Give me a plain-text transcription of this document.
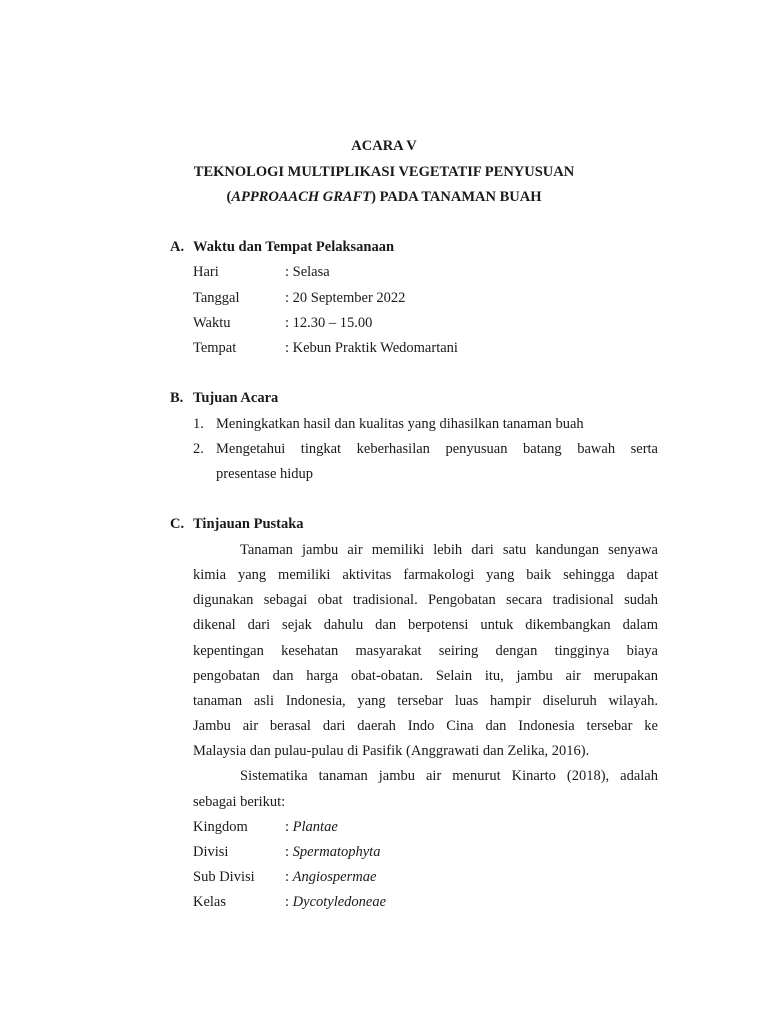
ACARA V
TEKNOLOGI MULTIPLIKASI VEGETATIF PENYUSUAN
(APPROAACH GRAFT) PADA TANAMAN BUAH
A. Waktu dan Tempat Pelaksanaan
Hari	: Selasa
Tanggal	: 20 September 2022
Waktu	: 12.30 – 15.00
Tempat	: Kebun Praktik Wedomartani
B. Tujuan Acara
1. Meningkatkan hasil dan kualitas yang dihasilkan tanaman buah
2. Mengetahui tingkat keberhasilan penyusuan batang bawah serta
presentase hidup
C. Tinjauan Pustaka
Tanaman jambu air memiliki lebih dari satu kandungan senyawa
kimia yang memiliki aktivitas farmakologi yang baik sehingga dapat
digunakan sebagai obat tradisional. Pengobatan secara tradisional sudah
dikenal dari sejak dahulu dan berpotensi untuk dikembangkan dalam
kepentingan kesehatan masyarakat seiring dengan tingginya biaya
pengobatan dan harga obat-obatan. Selain itu, jambu air merupakan
tanaman asli Indonesia, yang tersebar luas hampir diseluruh wilayah.
Jambu air berasal dari daerah Indo Cina dan Indonesia tersebar ke
Malaysia dan pulau-pulau di Pasifik (Anggrawati dan Zelika, 2016).
Sistematika tanaman jambu air menurut Kinarto (2018), adalah
sebagai berikut:
Kingdom	: Plantae
Divisi	: Spermatophyta
Sub Divisi : Angiospermae
Kelas	: Dycotyledoneae
